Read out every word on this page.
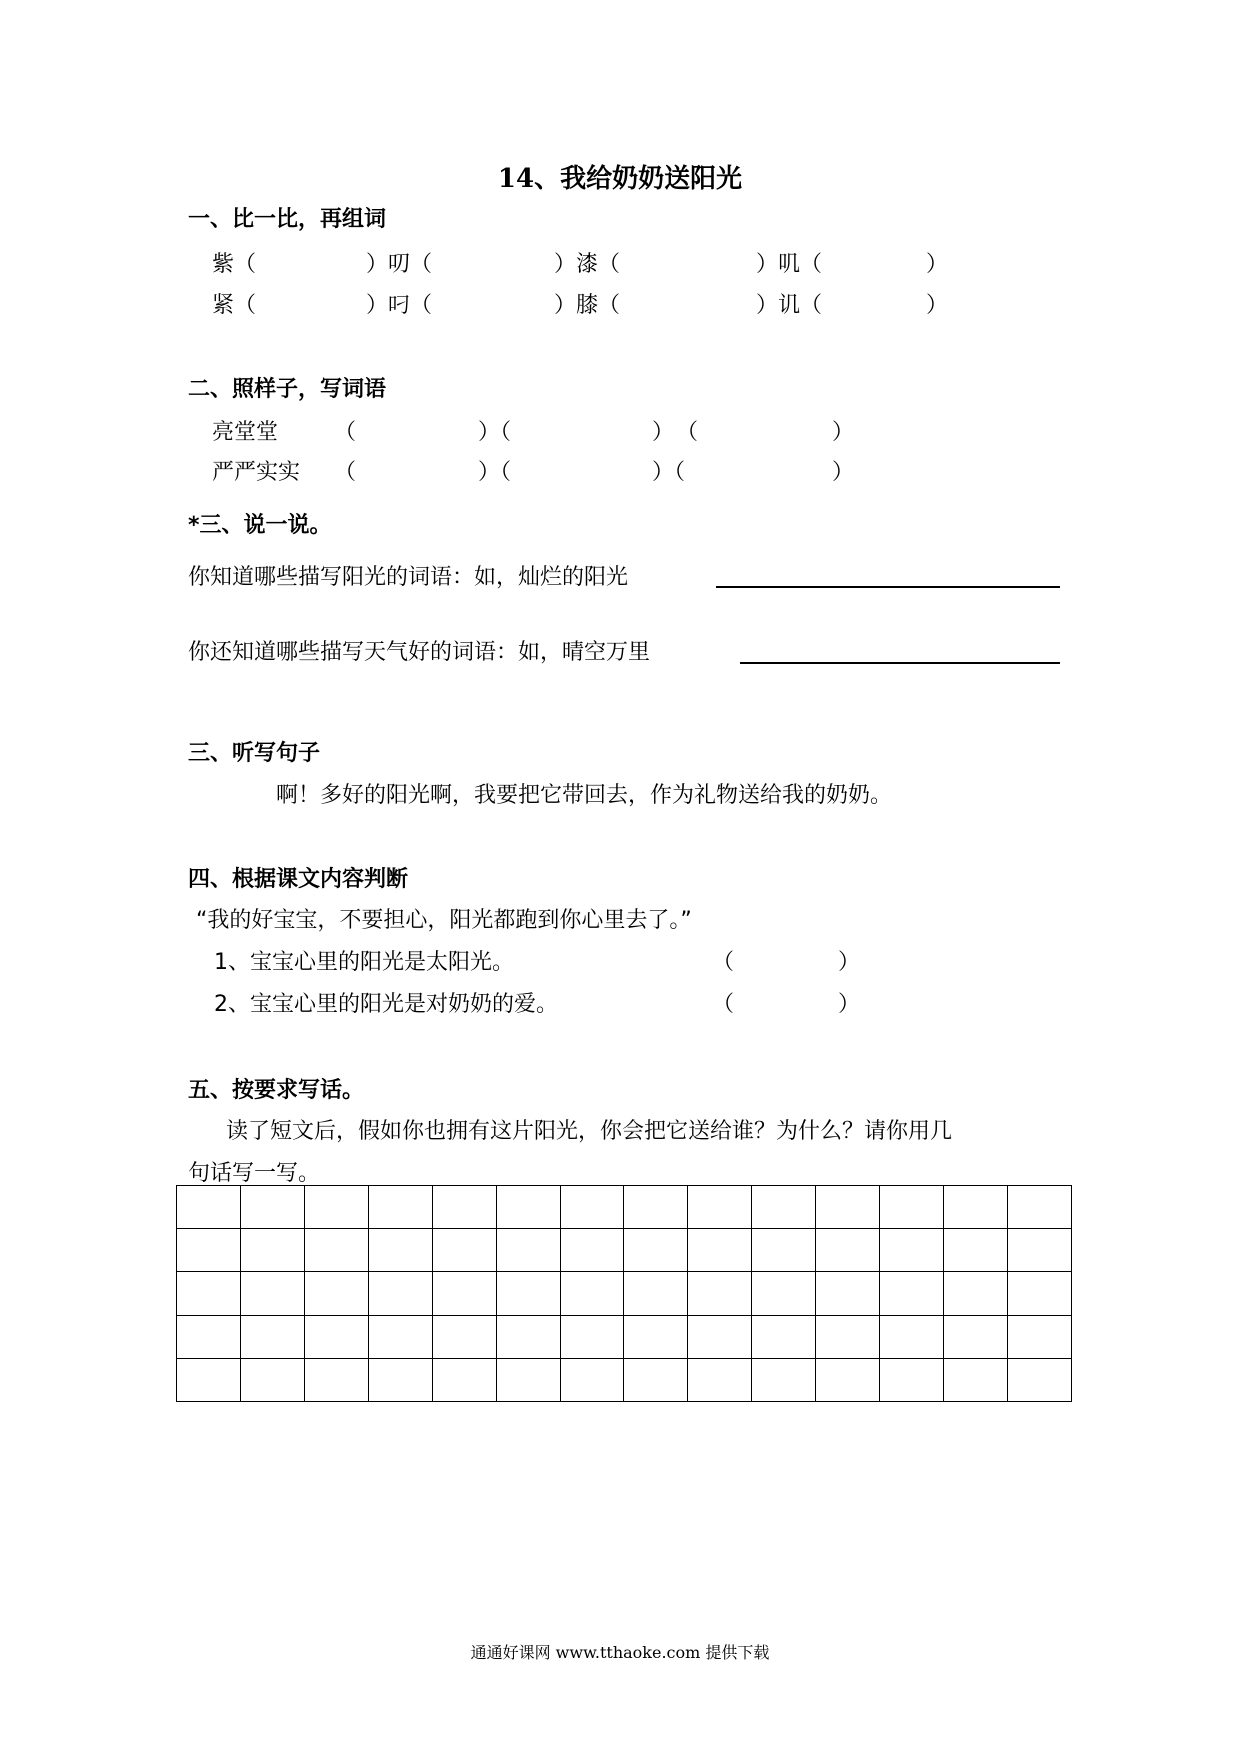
14、我给奶奶送阳光
一、比一比，再组词
紫（	）叨（	）漆（	）叽（	）
紧（	）叼（	）膝（	）讥（	）
二、照样子，写词语
亮堂堂	（	）（	） （	）
严严实实 （	）（	）（	）
*三、说一说。
你知道哪些描写阳光的词语：如，灿烂的阳光
你还知道哪些描写天气好的词语：如，晴空万里
三、听写句子
啊！多好的阳光啊，我要把它带回去，作为礼物送给我的奶奶。
四、根据课文内容判断
“我的好宝宝，不要担心，阳光都跑到你心里去了。”
1、宝宝心里的阳光是太阳光。	（	）
2、宝宝心里的阳光是对奶奶的爱。	（	）
五、按要求写话。
读了短文后，假如你也拥有这片阳光，你会把它送给谁？为什么？请你用几
句话写一写。

通通好课网 www.tthaoke.com 提供下载
